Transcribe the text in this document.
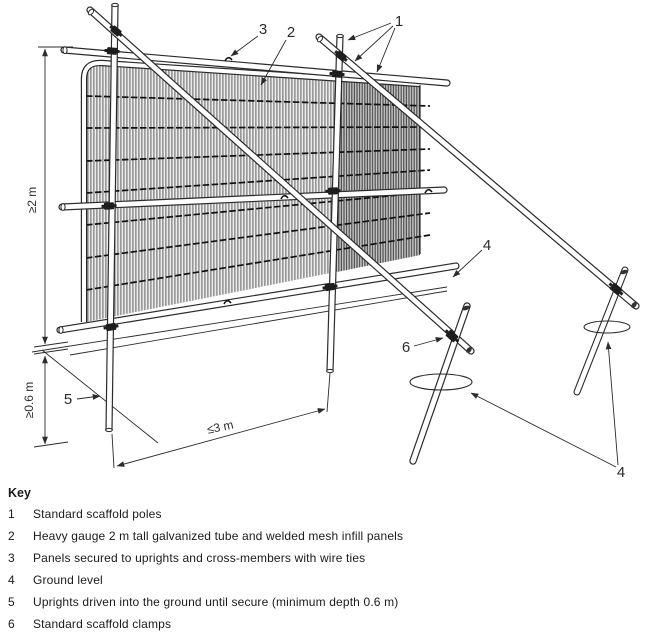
≥2 m
≥0.6 m
≤3 m
1
2
3
4
5
6
4

Key

1	Standard scaffold poles
2	Heavy gauge 2 m tall galvanized tube and welded mesh infill panels
3	Panels secured to uprights and cross-members with wire ties
4	Ground level
5	Uprights driven into the ground until secure (minimum depth 0.6 m)
6	Standard scaffold clamps
